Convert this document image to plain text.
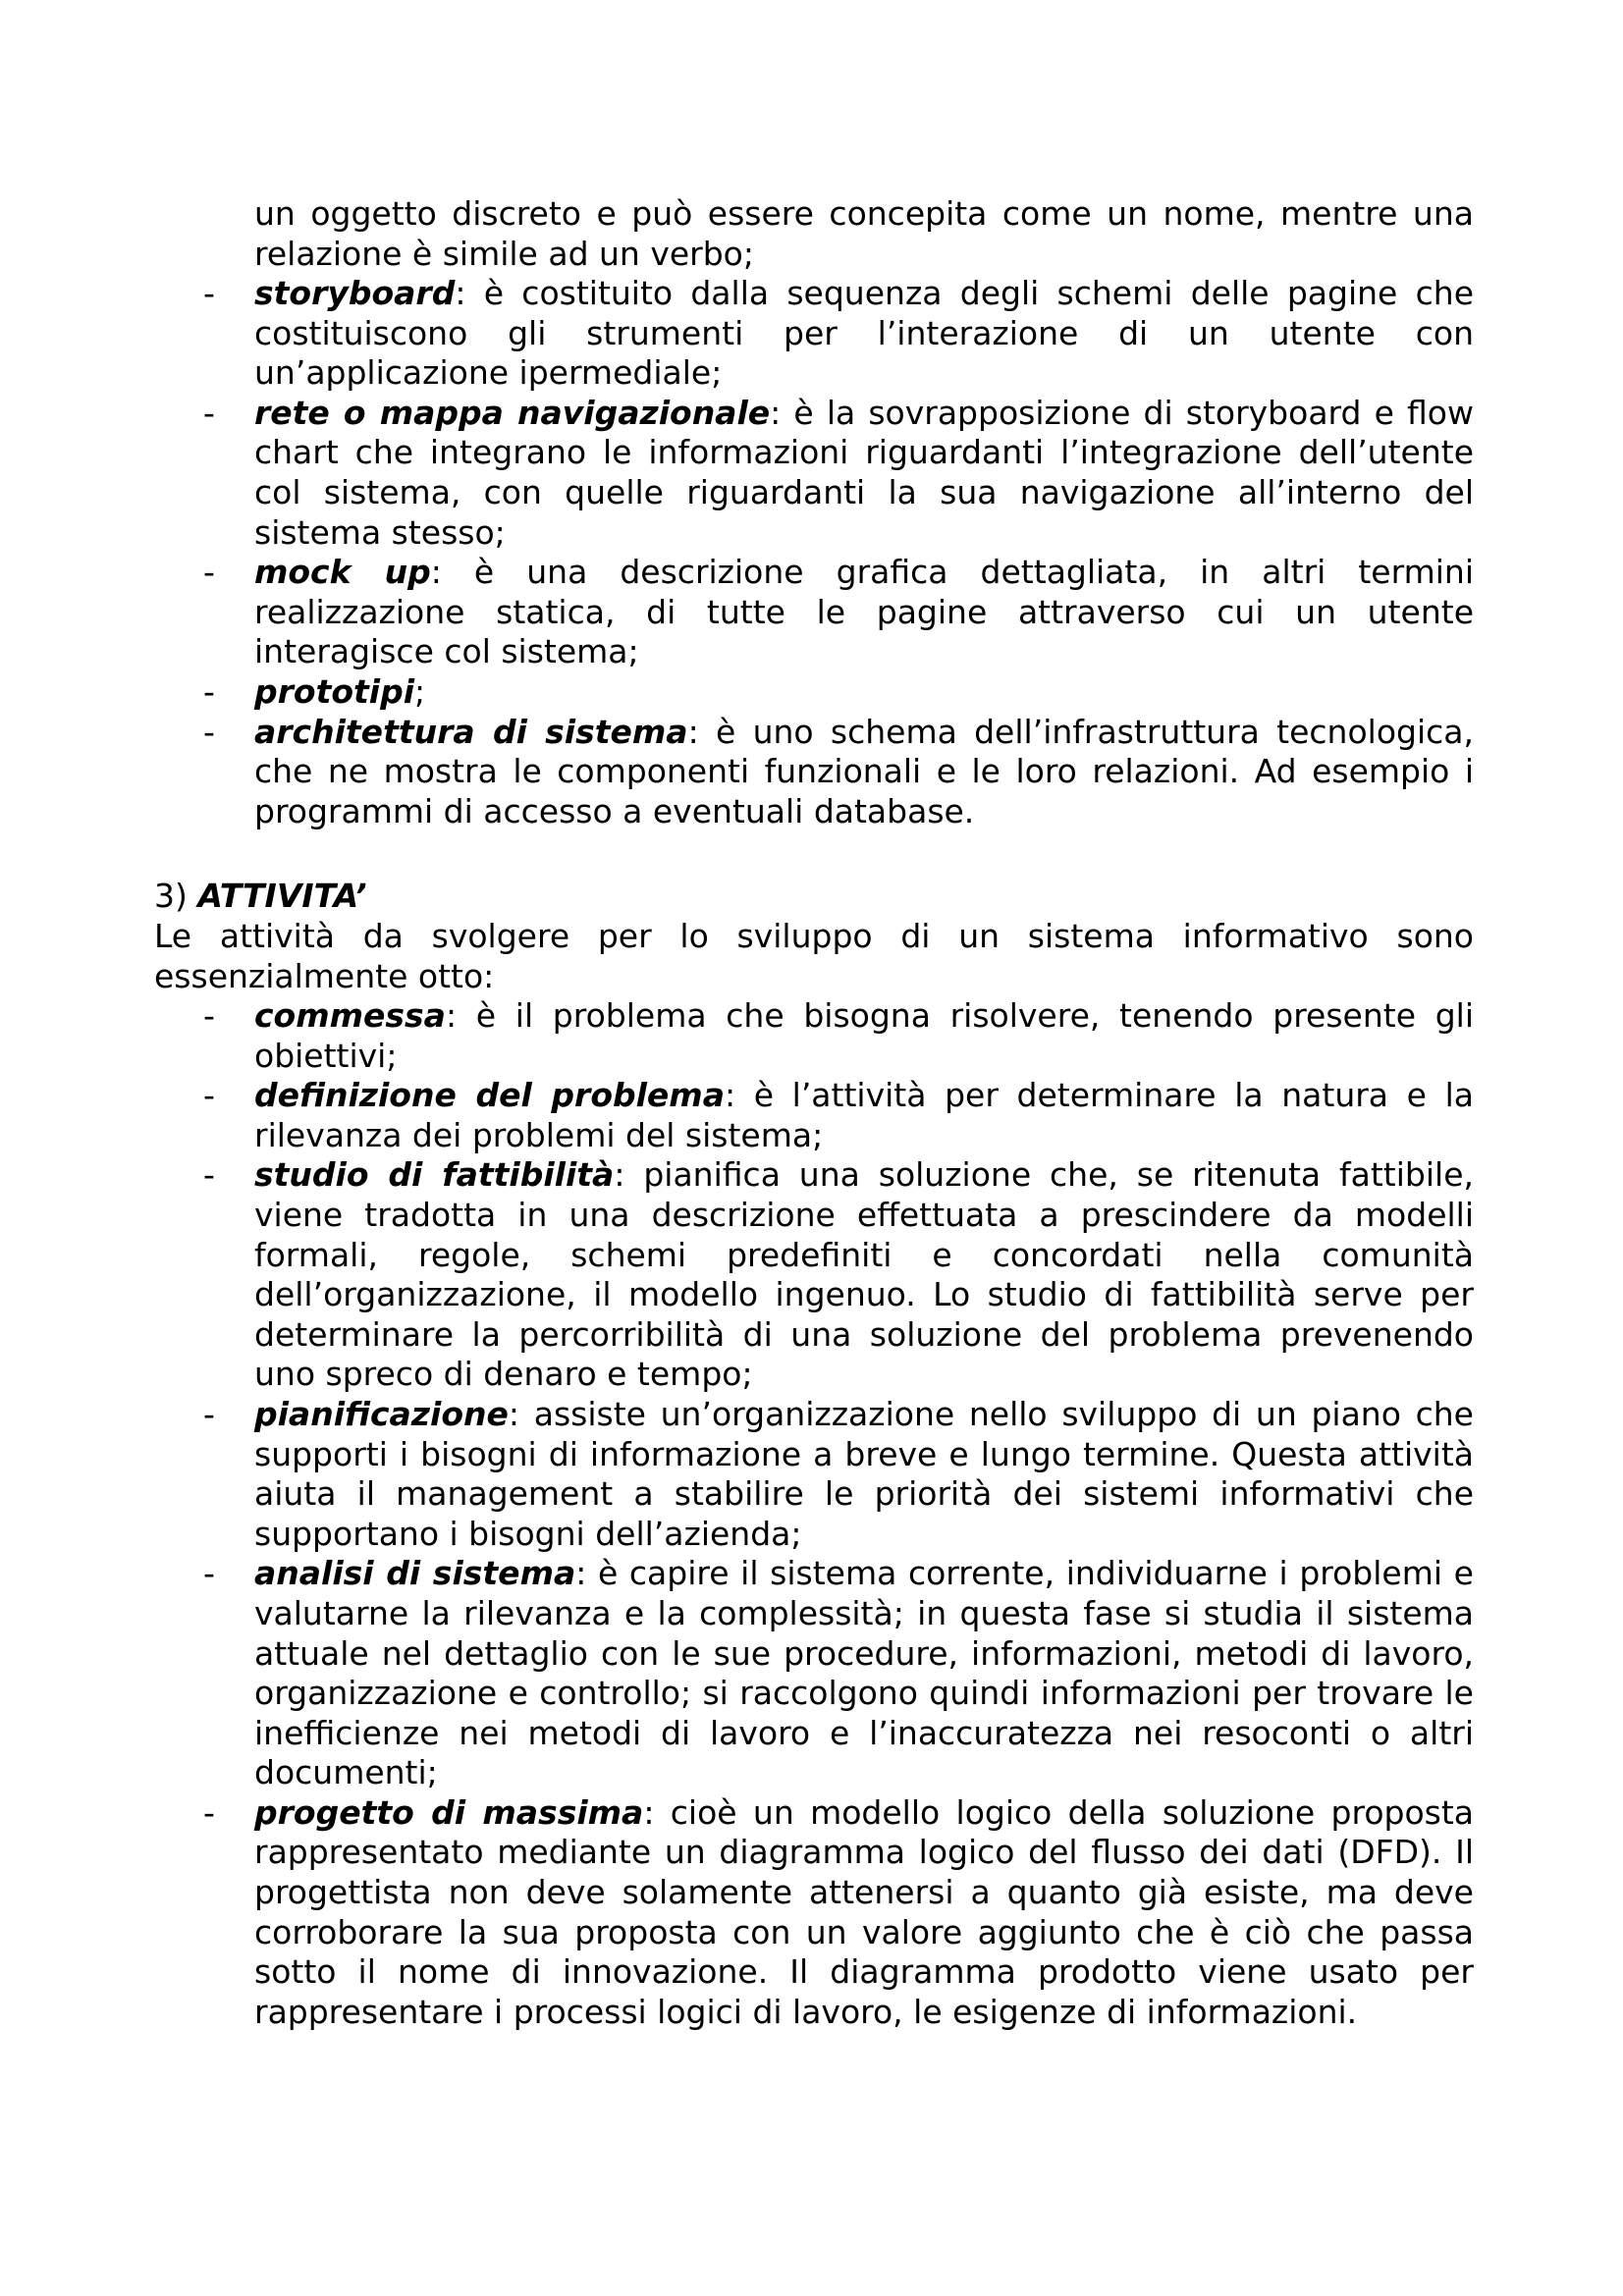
un oggetto discreto e può essere concepita come un nome, mentre una relazione è simile ad un verbo;
- storyboard: è costituito dalla sequenza degli schemi delle pagine che costituiscono gli strumenti per l’interazione di un utente con un’applicazione ipermediale;
- rete o mappa navigazionale: è la sovrapposizione di storyboard e flow chart che integrano le informazioni riguardanti l’integrazione dell’utente col sistema, con quelle riguardanti la sua navigazione all’interno del sistema stesso;
- mock up: è una descrizione grafica dettagliata, in altri termini realizzazione statica, di tutte le pagine attraverso cui un utente interagisce col sistema;
- prototipi;
- architettura di sistema: è uno schema dell’infrastruttura tecnologica, che ne mostra le componenti funzionali e le loro relazioni. Ad esempio i programmi di accesso a eventuali database.
3) ATTIVITA’
Le attività da svolgere per lo sviluppo di un sistema informativo sono essenzialmente otto:
- commessa: è il problema che bisogna risolvere, tenendo presente gli obiettivi;
- definizione del problema: è l’attività per determinare la natura e la rilevanza dei problemi del sistema;
- studio di fattibilità: pianifica una soluzione che, se ritenuta fattibile, viene tradotta in una descrizione effettuata a prescindere da modelli formali, regole, schemi predefiniti e concordati nella comunità dell’organizzazione, il modello ingenuo. Lo studio di fattibilità serve per determinare la percorribilità di una soluzione del problema prevenendo uno spreco di denaro e tempo;
- pianificazione: assiste un’organizzazione nello sviluppo di un piano che supporti i bisogni di informazione a breve e lungo termine. Questa attività aiuta il management a stabilire le priorità dei sistemi informativi che supportano i bisogni dell’azienda;
- analisi di sistema: è capire il sistema corrente, individuarne i problemi e valutarne la rilevanza e la complessità; in questa fase si studia il sistema attuale nel dettaglio con le sue procedure, informazioni, metodi di lavoro, organizzazione e controllo; si raccolgono quindi informazioni per trovare le inefficienze nei metodi di lavoro e l’inaccuratezza nei resoconti o altri documenti;
- progetto di massima: cioè un modello logico della soluzione proposta rappresentato mediante un diagramma logico del flusso dei dati (DFD). Il progettista non deve solamente attenersi a quanto già esiste, ma deve corroborare la sua proposta con un valore aggiunto che è ciò che passa sotto il nome di innovazione. Il diagramma prodotto viene usato per rappresentare i processi logici di lavoro, le esigenze di informazioni.
